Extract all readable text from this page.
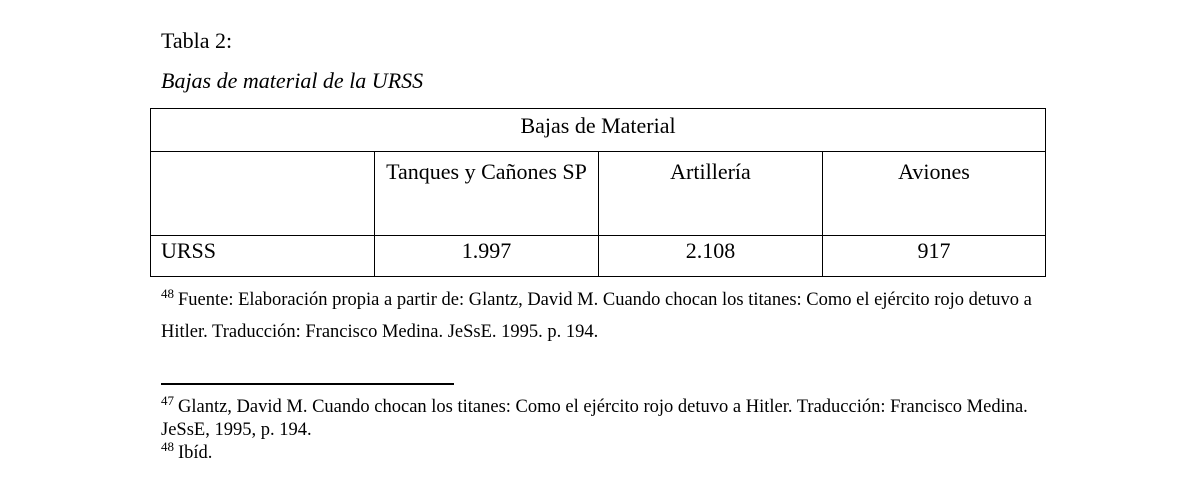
Tabla 2:

Bajas de material de la URSS

Bajas de Material			
	Tanques y Cañones SP	Artillería	Aviones
URSS	1.997	2.108	917

$^{48}$ Fuente: Elaboración propia a partir de: Glantz, David M. Cuando chocan los titanes: Como el ejército rojo detuvo a Hitler. Traducción: Francisco Medina. JeSsE. 1995. p. 194.

$^{47}$ Glantz, David M. Cuando chocan los titanes: Como el ejército rojo detuvo a Hitler. Traducción: Francisco Medina. JeSsE, 1995, p. 194.

$^{48}$ Ibíd.
